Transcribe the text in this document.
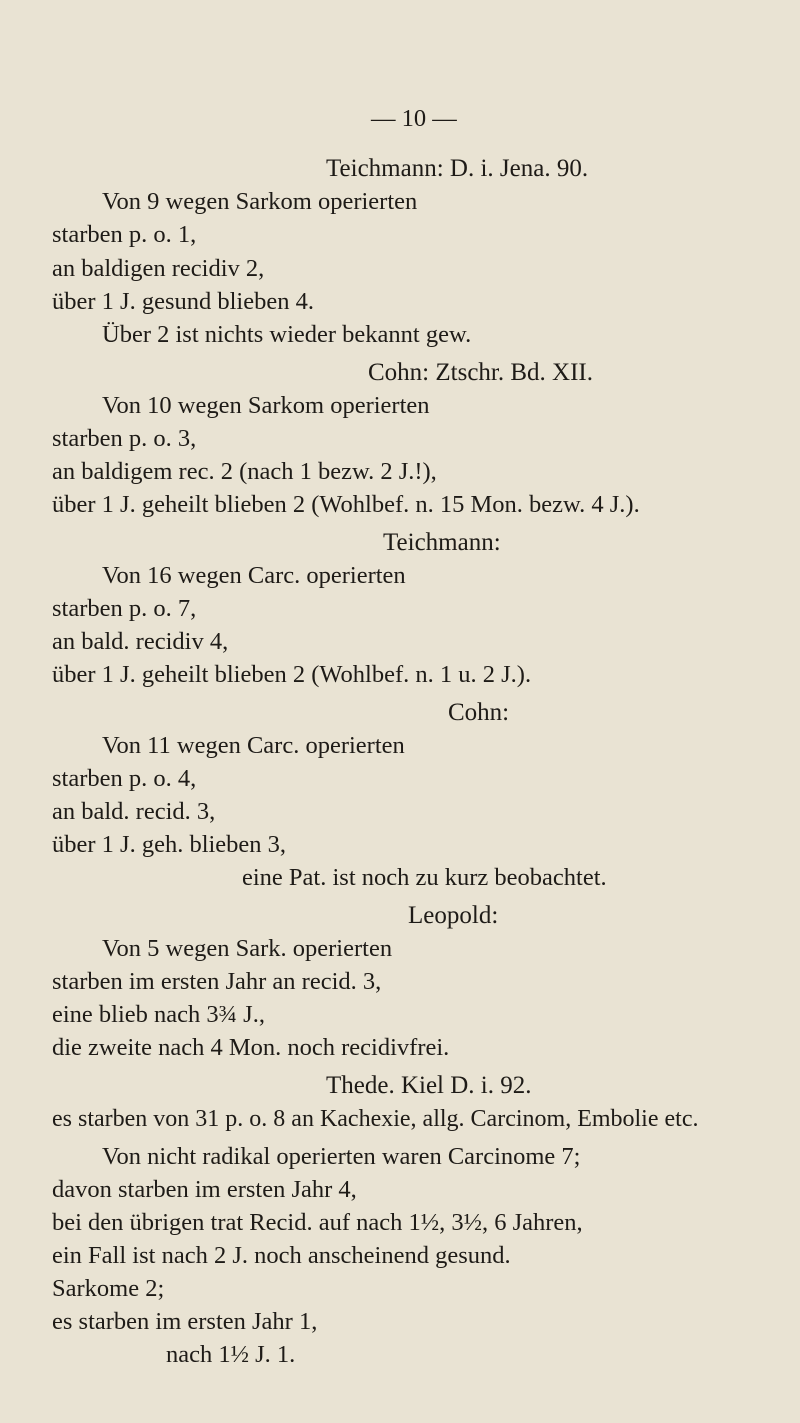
— 10 —
Teichmann: D. i. Jena. 90.
Von 9 wegen Sarkom operierten
starben p. o. 1,
an baldigen recidiv 2,
über 1 J. gesund blieben 4.
Über 2 ist nichts wieder bekannt gew.
Cohn: Ztschr. Bd. XII.
Von 10 wegen Sarkom operierten
starben p. o. 3,
an baldigem rec. 2 (nach 1 bezw. 2 J.!),
über 1 J. geheilt blieben 2 (Wohlbef. n. 15 Mon. bezw. 4 J.).
Teichmann:
Von 16 wegen Carc. operierten
starben p. o. 7,
an bald. recidiv 4,
über 1 J. geheilt blieben 2 (Wohlbef. n. 1 u. 2 J.).
Cohn:
Von 11 wegen Carc. operierten
starben p. o. 4,
an bald. recid. 3,
über 1 J. geh. blieben 3,
eine Pat. ist noch zu kurz beobachtet.
Leopold:
Von 5 wegen Sark. operierten
starben im ersten Jahr an recid. 3,
eine blieb nach 3¾ J.,
die zweite nach 4 Mon. noch recidivfrei.
Thede. Kiel D. i. 92.
es starben von 31 p. o. 8 an Kachexie, allg. Carcinom, Embolie etc.
Von nicht radikal operierten waren Carcinome 7;
davon starben im ersten Jahr 4,
bei den übrigen trat Recid. auf nach 1½, 3½, 6 Jahren,
ein Fall ist nach 2 J. noch anscheinend gesund.
Sarkome 2;
es starben im ersten Jahr 1,
nach 1½ J. 1.
